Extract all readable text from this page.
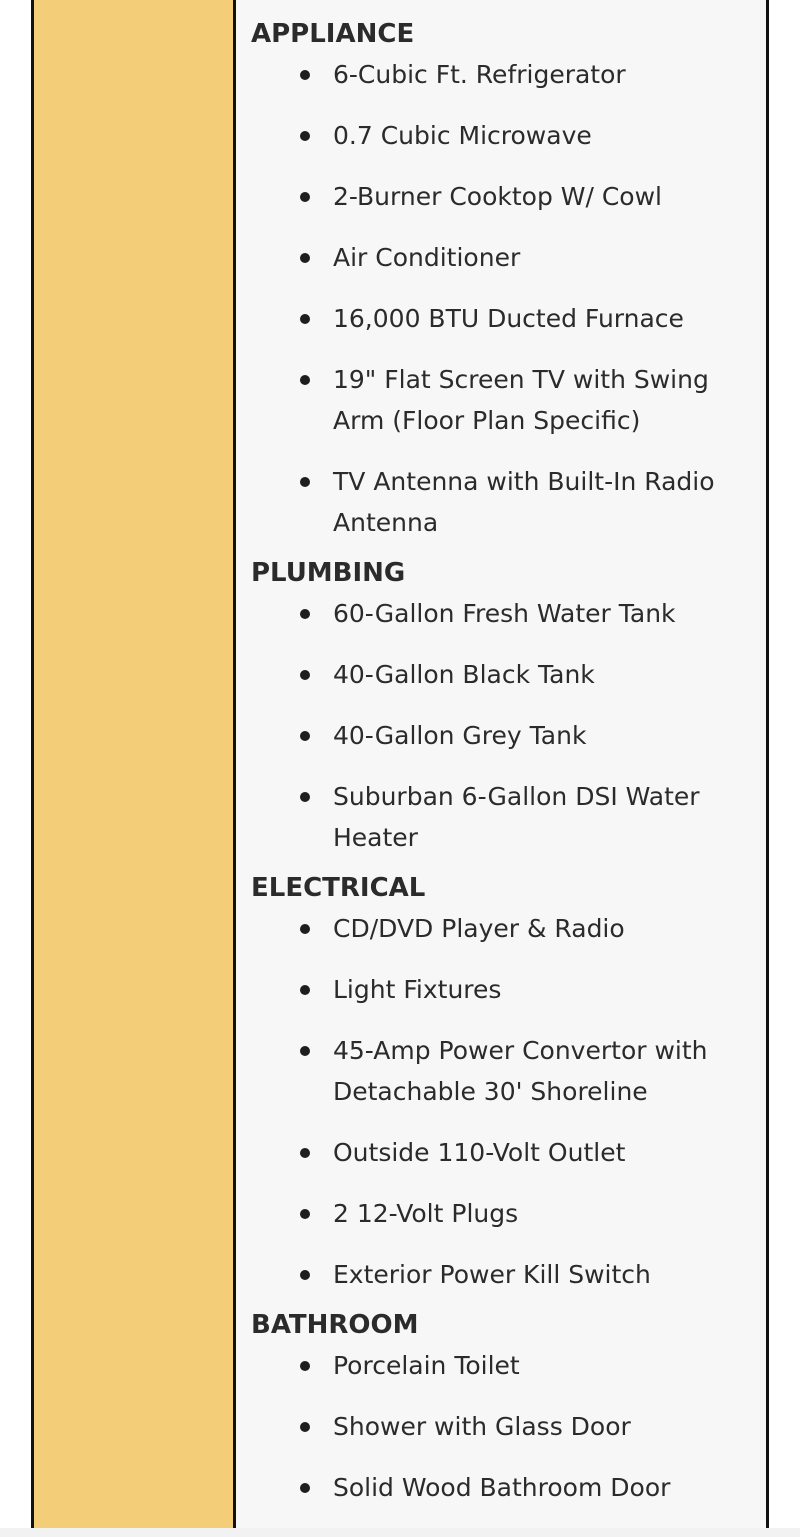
APPLIANCE
6-Cubic Ft. Refrigerator
0.7 Cubic Microwave
2-Burner Cooktop W/ Cowl
Air Conditioner
16,000 BTU Ducted Furnace
19" Flat Screen TV with Swing Arm (Floor Plan Specific)
TV Antenna with Built-In Radio Antenna
PLUMBING
60-Gallon Fresh Water Tank
40-Gallon Black Tank
40-Gallon Grey Tank
Suburban 6-Gallon DSI Water Heater
ELECTRICAL
CD/DVD Player & Radio
Light Fixtures
45-Amp Power Convertor with Detachable 30' Shoreline
Outside 110-Volt Outlet
2 12-Volt Plugs
Exterior Power Kill Switch
BATHROOM
Porcelain Toilet
Shower with Glass Door
Solid Wood Bathroom Door
